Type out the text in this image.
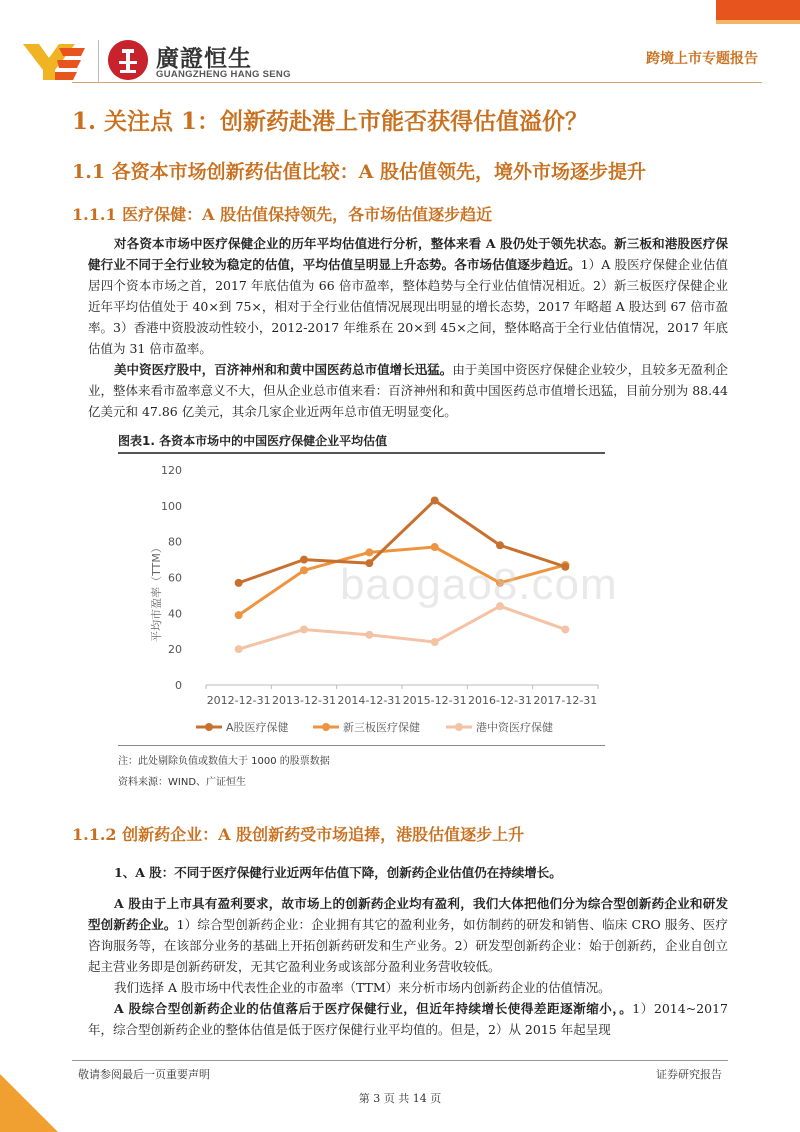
廣證恒生
GUANGZHENG HANG SENG
跨境上市专题报告
1. 关注点 1：创新药赴港上市能否获得估值溢价？
1.1 各资本市场创新药估值比较：A 股估值领先，境外市场逐步提升
1.1.1 医疗保健：A 股估值保持领先，各市场估值逐步趋近

对各资本市场中医疗保健企业的历年平均估值进行分析，整体来看 A 股仍处于领先状态。新三板和港股医疗保健行业不同于全行业较为稳定的估值，平均估值呈明显上升态势。各市场估值逐步趋近。1）A 股医疗保健企业估值居四个资本市场之首，2017 年底估值为 66 倍市盈率，整体趋势与全行业估值情况相近。2）新三板医疗保健企业近年平均估值处于 40×到 75×，相对于全行业估值情况展现出明显的增长态势，2017 年略超 A 股达到 67 倍市盈率。3）香港中资股波动性较小，2012-2017 年维系在 20×到 45×之间，整体略高于全行业估值情况，2017 年底估值为 31 倍市盈率。

美中资医疗股中，百济神州和和黄中国医药总市值增长迅猛。由于美国中资医疗保健企业较少，且较多无盈利企业，整体来看市盈率意义不大，但从企业总市值来看：百济神州和和黄中国医药总市值增长迅猛，目前分别为 88.44 亿美元和 47.86 亿美元，其余几家企业近两年总市值无明显变化。

图表1. 各资本市场中的中国医疗保健企业平均估值
0
20
40
60
80
100
120
2012-12-31 2013-12-31 2014-12-31 2015-12-31 2016-12-31 2017-12-31
平均市盈率（TTM）
A股医疗保健	新三板医疗保健	港中资医疗保健
baogao8.com
注：此处剔除负值或数值大于 1000 的股票数据
资料来源：WIND、广证恒生
1.1.2 创新药企业：A 股创新药受市场追捧，港股估值逐步上升

1、A 股：不同于医疗保健行业近两年估值下降，创新药企业估值仍在持续增长。

A 股由于上市具有盈利要求，故市场上的创新药企业均有盈利，我们大体把他们分为综合型创新药企业和研发型创新药企业。1）综合型创新药企业：企业拥有其它的盈利业务，如仿制药的研发和销售、临床 CRO 服务、医疗咨询服务等，在该部分业务的基础上开拓创新药研发和生产业务。2）研发型创新药企业：始于创新药，企业自创立起主营业务即是创新药研发，无其它盈利业务或该部分盈利业务营收较低。

我们选择 A 股市场中代表性企业的市盈率（TTM）来分析市场内创新药企业的估值情况。

A 股综合型创新药企业的估值落后于医疗保健行业，但近年持续增长使得差距逐渐缩小，。1）2014~2017 年，综合型创新药企业的整体估值是低于医疗保健行业平均值的。但是，2）从 2015 年起呈现

敬请参阅最后一页重要声明	证券研究报告
第 3 页 共 14 页
